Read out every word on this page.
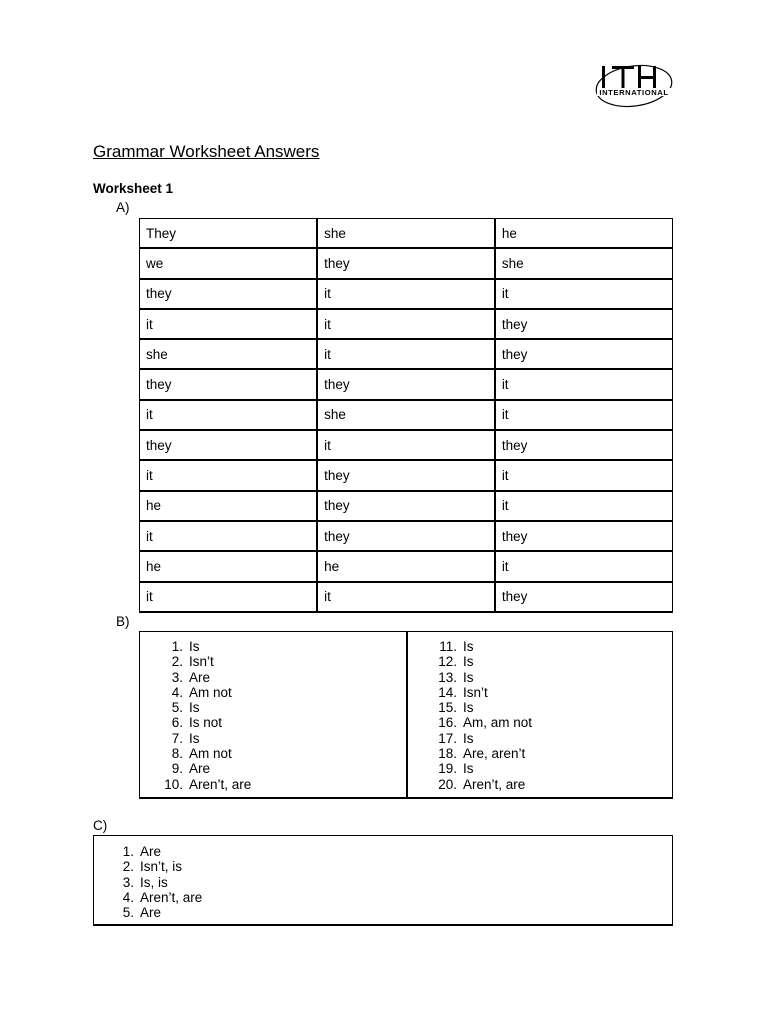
INTERNATIONAL
Grammar Worksheet Answers
Worksheet 1
A)
They	she	he
we	they	she
they	it	it
it	it	they
she	it	they
they	they	it
it	she	it
they	it	they
it	they	it
he	they	it
it	they	they
he	he	it
it	it	they
B)
1. Is
2. Isn’t
3. Are
4. Am not
5. Is
6. Is not
7. Is
8. Am not
9. Are
10. Aren’t, are
11. Is
12. Is
13. Is
14. Isn’t
15. Is
16. Am, am not
17. Is
18. Are, aren’t
19. Is
20. Aren’t, are
C)
1. Are
2. Isn’t, is
3. Is, is
4. Aren’t, are
5. Are
